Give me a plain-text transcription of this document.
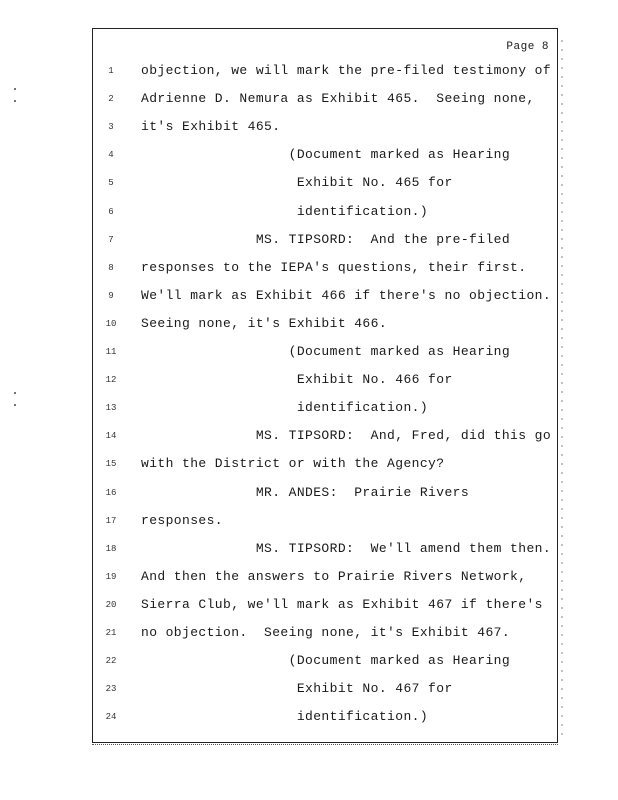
Page 8
1	objection, we will mark the pre-filed testimony of
2	Adrienne D. Nemura as Exhibit 465.  Seeing none,
3	it's Exhibit 465.
4	(Document marked as Hearing
5	Exhibit No. 465 for
6	identification.)
7	MS. TIPSORD:  And the pre-filed
8	responses to the IEPA's questions, their first.
9	We'll mark as Exhibit 466 if there's no objection.
10 Seeing none, it's Exhibit 466.
11 (Document marked as Hearing
12 Exhibit No. 466 for
13 identification.)
14 MS. TIPSORD:  And, Fred, did this go
15 with the District or with the Agency?
16 MR. ANDES:  Prairie Rivers
17 responses.
18 MS. TIPSORD:  We'll amend them then.
19 And then the answers to Prairie Rivers Network,
20 Sierra Club, we'll mark as Exhibit 467 if there's
21 no objection.  Seeing none, it's Exhibit 467.
22 (Document marked as Hearing
23 Exhibit No. 467 for
24 identification.)
